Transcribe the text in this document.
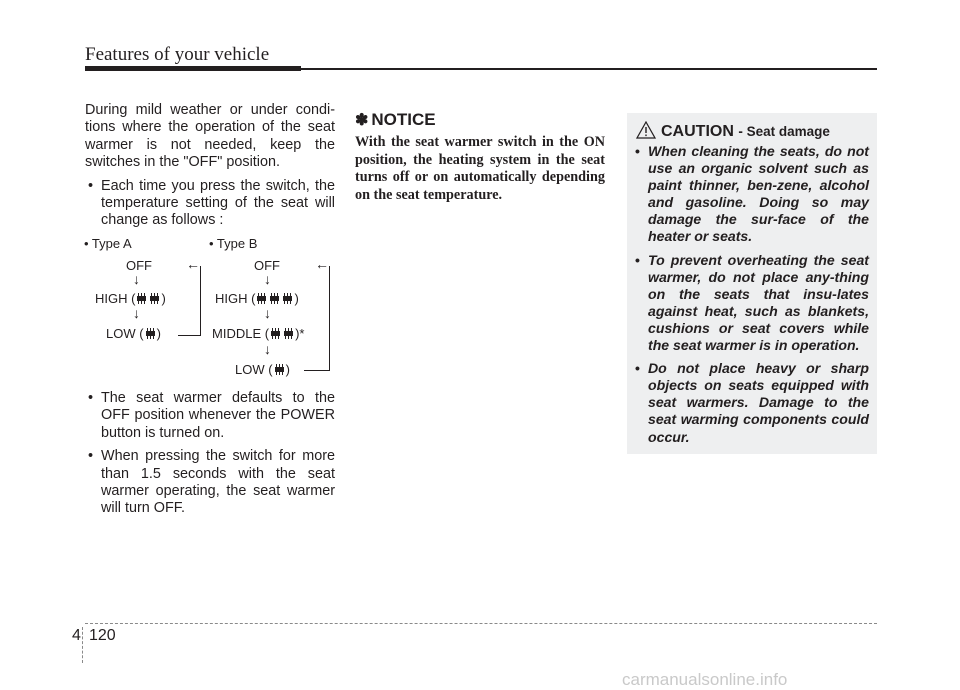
Features of your vehicle

During mild weather or under condi-tions where the operation of the seat warmer is not needed, keep the switches in the "OFF" position.

• Each time you press the switch, the temperature setting of the seat will change as follows :
• Type A
OFF
↓
HIGH ( )
↓
LOW ( )
←
• Type B
OFF
↓
HIGH (	)
↓
MIDDLE ( )*
↓
LOW ( )
←
• The seat warmer defaults to the OFF position whenever the POWER button is turned on.
• When pressing the switch for more than 1.5 seconds with the seat warmer operating, the seat warmer will turn OFF.
✽ NOTICE
With the seat warmer switch in the ON position, the heating system in the seat turns off or on automatically depending on the seat temperature.
CAUTION - Seat damage
• When cleaning the seats, do not use an organic solvent such as paint thinner, ben-zene, alcohol and gasoline. Doing so may damage the sur-face of the heater or seats.
• To prevent overheating the seat warmer, do not place any-thing on the seats that insu-lates against heat, such as blankets, cushions or seat covers while the seat warmer is in operation.
• Do not place heavy or sharp objects on seats equipped with seat warmers. Damage to the seat warming components could occur.
4 120
carmanualsonline.info
